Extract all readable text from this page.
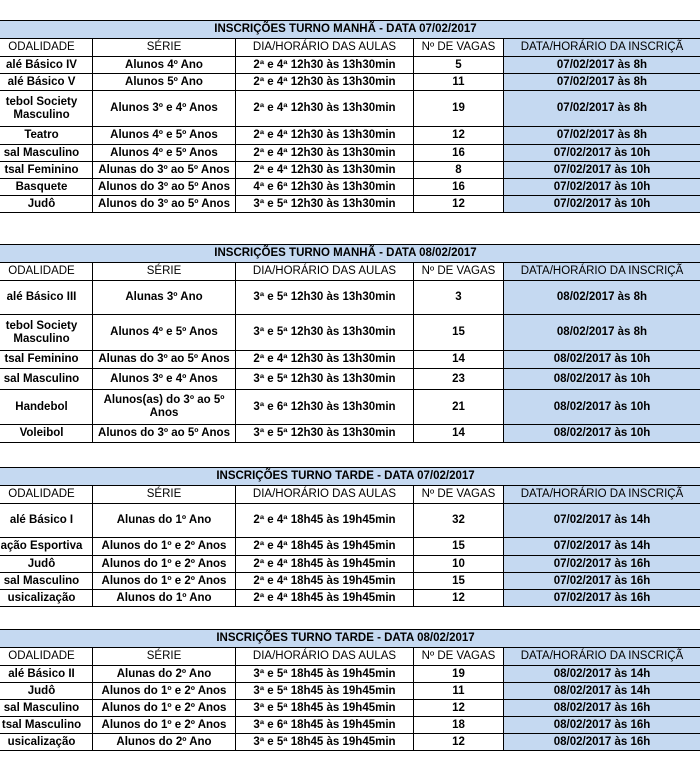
INSCRIÇÕES TURNO MANHÃ - DATA 07/02/2017				
ODALIDADE	SÉRIE	DIA/HORÁRIO DAS AULAS	Nº DE VAGAS	DATA/HORÁRIO DA INSCRIÇÃ
alé Básico IV	Alunos 4º Ano	2ª e 4ª 12h30 às 13h30min	5	07/02/2017 às 8h
alé Básico V	Alunos 5º Ano	2ª e 4ª 12h30 às 13h30min	11	07/02/2017 às 8h
tebol Society Masculino	Alunos 3º e 4º Anos	2ª e 4ª 12h30 às 13h30min	19	07/02/2017 às 8h
Teatro	Alunos 4º e 5º Anos	2ª e 4ª 12h30 às 13h30min	12	07/02/2017 às 8h
sal Masculino	Alunos 4º e 5º Anos	2ª e 4ª 12h30 às 13h30min	16	07/02/2017 às 10h
tsal Feminino	Alunas do 3º ao 5º Anos	2ª e 4ª 12h30 às 13h30min	8	07/02/2017 às 10h
Basquete	Alunos do 3º ao 5º Anos	4ª e 6ª 12h30 às 13h30min	16	07/02/2017 às 10h
Judô	Alunos do 3º ao 5º Anos	3ª e 5ª 12h30 às 13h30min	12	07/02/2017 às 10h
INSCRIÇÕES TURNO MANHÃ - DATA 08/02/2017				
ODALIDADE	SÉRIE	DIA/HORÁRIO DAS AULAS	Nº DE VAGAS	DATA/HORÁRIO DA INSCRIÇÃ
alé Básico III	Alunas 3º Ano	3ª e 5ª 12h30 às 13h30min	3	08/02/2017 às 8h
tebol Society Masculino	Alunos 4º e 5º Anos	3ª e 5ª 12h30 às 13h30min	15	08/02/2017 às 8h
tsal Feminino	Alunas do 3º ao 5º Anos	2ª e 4ª 12h30 às 13h30min	14	08/02/2017 às 10h
sal Masculino	Alunos 3º e 4º Anos	3ª e 5ª 12h30 às 13h30min	23	08/02/2017 às 10h
Handebol	Alunos(as) do 3º ao 5º Anos	3ª e 6ª 12h30 às 13h30min	21	08/02/2017 às 10h
Voleibol	Alunos do 3º ao 5º Anos	3ª e 5ª 12h30 às 13h30min	14	08/02/2017 às 10h
INSCRIÇÕES TURNO TARDE - DATA 07/02/2017				
ODALIDADE	SÉRIE	DIA/HORÁRIO DAS AULAS	Nº DE VAGAS	DATA/HORÁRIO DA INSCRIÇÃ
alé Básico I	Alunas do 1º Ano	2ª e 4ª 18h45 às 19h45min	32	07/02/2017 às 14h
ação Esportiva	Alunos do 1º e 2º Anos	2ª e 4ª 18h45 às 19h45min	15	07/02/2017 às 14h
Judô	Alunos do 1º e 2º Anos	2ª e 4ª 18h45 às 19h45min	10	07/02/2017 às 16h
sal Masculino	Alunos do 1º e 2º Anos	2ª e 4ª 18h45 às 19h45min	15	07/02/2017 às 16h
usicalização	Alunos do 1º Ano	2ª e 4ª 18h45 às 19h45min	12	07/02/2017 às 16h
INSCRIÇÕES TURNO TARDE - DATA 08/02/2017				
ODALIDADE	SÉRIE	DIA/HORÁRIO DAS AULAS	Nº DE VAGAS	DATA/HORÁRIO DA INSCRIÇÃ
alé Básico II	Alunas do 2º Ano	3ª e 5ª 18h45 às 19h45min	19	08/02/2017 às 14h
Judô	Alunos do 1º e 2º Anos	3ª e 5ª 18h45 às 19h45min	11	08/02/2017 às 14h
sal Masculino	Alunos do 1º e 2º Anos	3ª e 5ª 18h45 às 19h45min	12	08/02/2017 às 16h
tsal Masculino	Alunos do 1º e 2º Anos	3ª e 6ª 18h45 às 19h45min	18	08/02/2017 às 16h
usicalização	Alunos do 2º Ano	3ª e 5ª 18h45 às 19h45min	12	08/02/2017 às 16h
